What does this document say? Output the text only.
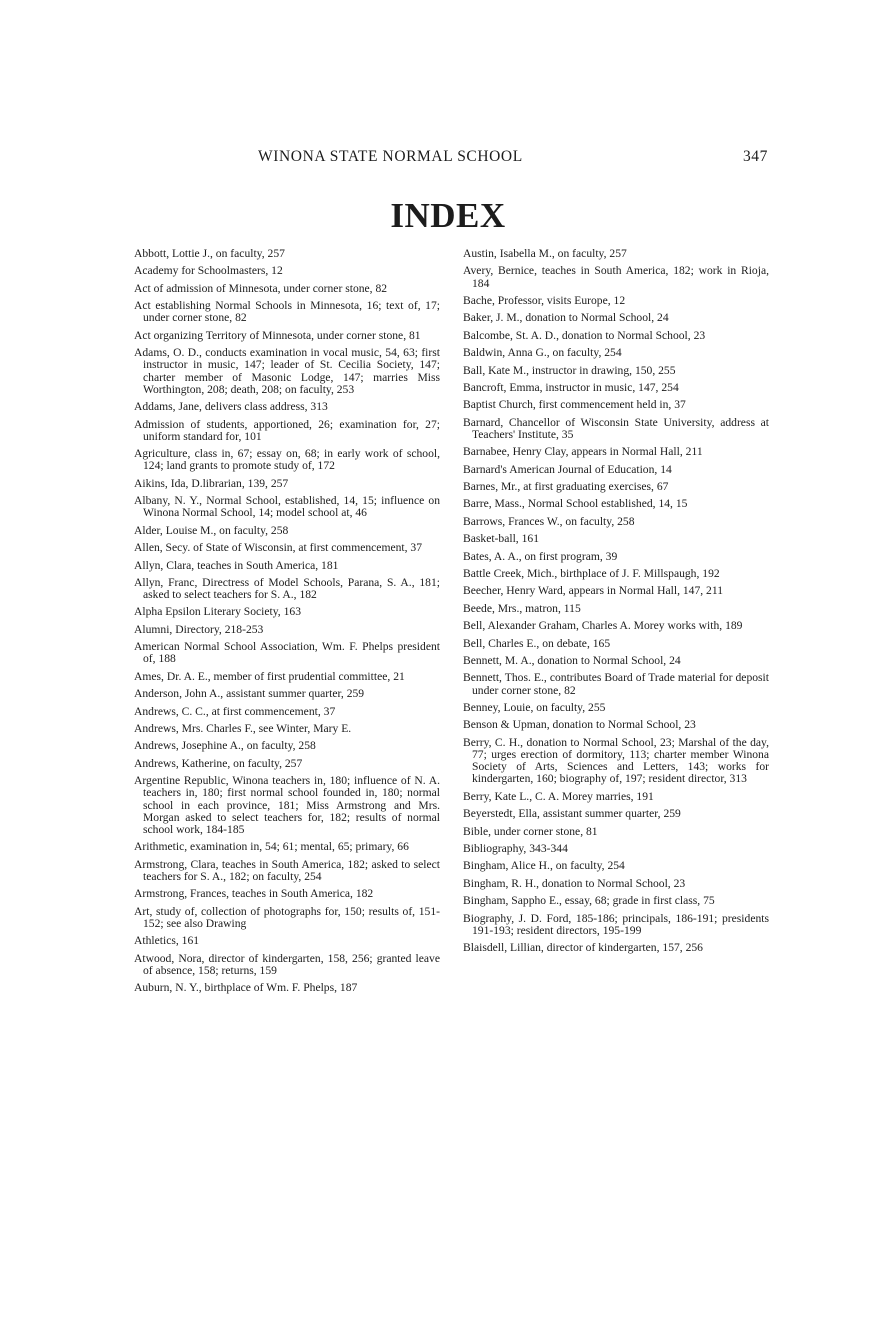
WINONA STATE NORMAL SCHOOL	347
INDEX
Abbott, Lottie J., on faculty, 257
Academy for Schoolmasters, 12
Act of admission of Minnesota, under corner stone, 82
Act establishing Normal Schools in Minnesota, 16; text of, 17; under corner stone, 82
Act organizing Territory of Minnesota, under corner stone, 81
Adams, O. D., conducts examination in vocal music, 54, 63; first instructor in music, 147; leader of St. Cecilia Society, 147; charter member of Masonic Lodge, 147; marries Miss Worthington, 208; death, 208; on faculty, 253
Addams, Jane, delivers class address, 313
Admission of students, apportioned, 26; examination for, 27; uniform standard for, 101
Agriculture, class in, 67; essay on, 68; in early work of school, 124; land grants to promote study of, 172
Aikins, Ida, D.librarian, 139, 257
Albany, N. Y., Normal School, established, 14, 15; influence on Winona Normal School, 14; model school at, 46
Alder, Louise M., on faculty, 258
Allen, Secy. of State of Wisconsin, at first commencement, 37
Allyn, Clara, teaches in South America, 181
Allyn, Franc, Directress of Model Schools, Parana, S. A., 181; asked to select teachers for S. A., 182
Alpha Epsilon Literary Society, 163
Alumni, Directory, 218-253
American Normal School Association, Wm. F. Phelps president of, 188
Ames, Dr. A. E., member of first prudential committee, 21
Anderson, John A., assistant summer quarter, 259
Andrews, C. C., at first commencement, 37
Andrews, Mrs. Charles F., see Winter, Mary E.
Andrews, Josephine A., on faculty, 258
Andrews, Katherine, on faculty, 257
Argentine Republic, Winona teachers in, 180; influence of N. A. teachers in, 180; first normal school founded in, 180; normal school in each province, 181; Miss Armstrong and Mrs. Morgan asked to select teachers for, 182; results of normal school work, 184-185
Arithmetic, examination in, 54; 61; mental, 65; primary, 66
Armstrong, Clara, teaches in South America, 182; asked to select teachers for S. A., 182; on faculty, 254
Armstrong, Frances, teaches in South America, 182
Art, study of, collection of photographs for, 150; results of, 151-152; see also Drawing
Athletics, 161
Atwood, Nora, director of kindergarten, 158, 256; granted leave of absence, 158; returns, 159
Auburn, N. Y., birthplace of Wm. F. Phelps, 187
Austin, Isabella M., on faculty, 257
Avery, Bernice, teaches in South America, 182; work in Rioja, 184
Bache, Professor, visits Europe, 12
Baker, J. M., donation to Normal School, 24
Balcombe, St. A. D., donation to Normal School, 23
Baldwin, Anna G., on faculty, 254
Ball, Kate M., instructor in drawing, 150, 255
Bancroft, Emma, instructor in music, 147, 254
Baptist Church, first commencement held in, 37
Barnard, Chancellor of Wisconsin State University, address at Teachers' Institute, 35
Barnabee, Henry Clay, appears in Normal Hall, 211
Barnard's American Journal of Education, 14
Barnes, Mr., at first graduating exercises, 67
Barre, Mass., Normal School established, 14, 15
Barrows, Frances W., on faculty, 258
Basket-ball, 161
Bates, A. A., on first program, 39
Battle Creek, Mich., birthplace of J. F. Millspaugh, 192
Beecher, Henry Ward, appears in Normal Hall, 147, 211
Beede, Mrs., matron, 115
Bell, Alexander Graham, Charles A. Morey works with, 189
Bell, Charles E., on debate, 165
Bennett, M. A., donation to Normal School, 24
Bennett, Thos. E., contributes Board of Trade material for deposit under corner stone, 82
Benney, Louie, on faculty, 255
Benson & Upman, donation to Normal School, 23
Berry, C. H., donation to Normal School, 23; Marshal of the day, 77; urges erection of dormitory, 113; charter member Winona Society of Arts, Sciences and Letters, 143; works for kindergarten, 160; biography of, 197; resident director, 313
Berry, Kate L., C. A. Morey marries, 191
Beyerstedt, Ella, assistant summer quarter, 259
Bible, under corner stone, 81
Bibliography, 343-344
Bingham, Alice H., on faculty, 254
Bingham, R. H., donation to Normal School, 23
Bingham, Sappho E., essay, 68; grade in first class, 75
Biography, J. D. Ford, 185-186; principals, 186-191; presidents 191-193; resident directors, 195-199
Blaisdell, Lillian, director of kindergarten, 157, 256
